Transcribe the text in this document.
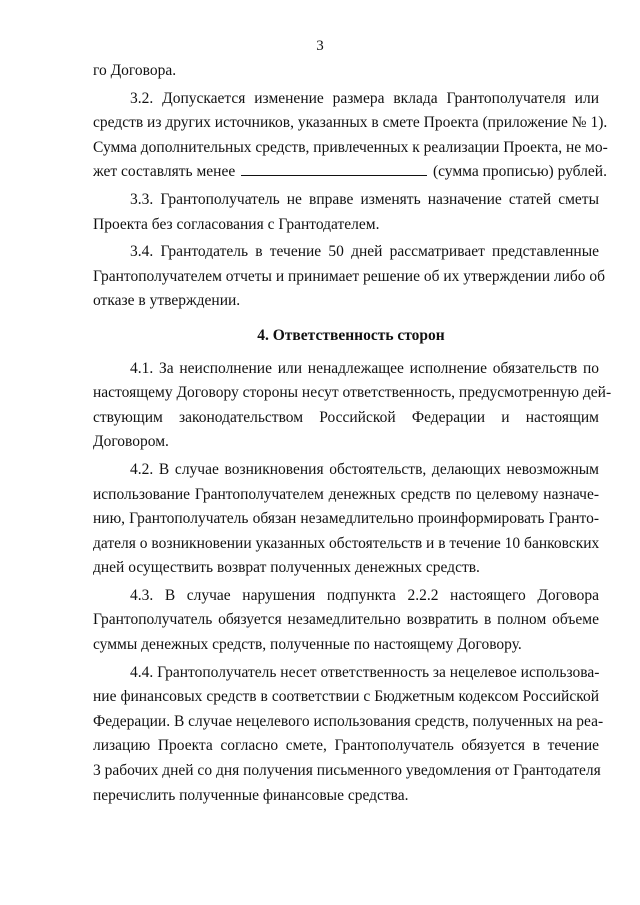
3
го Договора.
3.2. Допускается изменение размера вклада Грантополучателя или
средств из других источников, указанных в смете Проекта (приложение № 1).
Сумма дополнительных средств, привлеченных к реализации Проекта, не мо-
жет составлять менее	(сумма прописью) рублей.
3.3. Грантополучатель не вправе изменять назначение статей сметы
Проекта без согласования с Грантодателем.
3.4. Грантодатель в течение 50 дней рассматривает представленные
Грантополучателем отчеты и принимает решение об их утверждении либо об
отказе в утверждении.
4. Ответственность сторон
4.1. За неисполнение или ненадлежащее исполнение обязательств по
настоящему Договору стороны несут ответственность, предусмотренную дей-
ствующим законодательством Российской Федерации и настоящим
Договором.
4.2. В случае возникновения обстоятельств, делающих невозможным
использование Грантополучателем денежных средств по целевому назначе-
нию, Грантополучатель обязан незамедлительно проинформировать Гранто-
дателя о возникновении указанных обстоятельств и в течение 10 банковских
дней осуществить возврат полученных денежных средств.
4.3. В случае нарушения подпункта 2.2.2 настоящего Договора
Грантополучатель обязуется незамедлительно возвратить в полном объеме
суммы денежных средств, полученные по настоящему Договору.
4.4. Грантополучатель несет ответственность за нецелевое использова-
ние финансовых средств в соответствии с Бюджетным кодексом Российской
Федерации. В случае нецелевого использования средств, полученных на реа-
лизацию Проекта согласно смете, Грантополучатель обязуется в течение
3 рабочих дней со дня получения письменного уведомления от Грантодателя
перечислить полученные финансовые средства.
